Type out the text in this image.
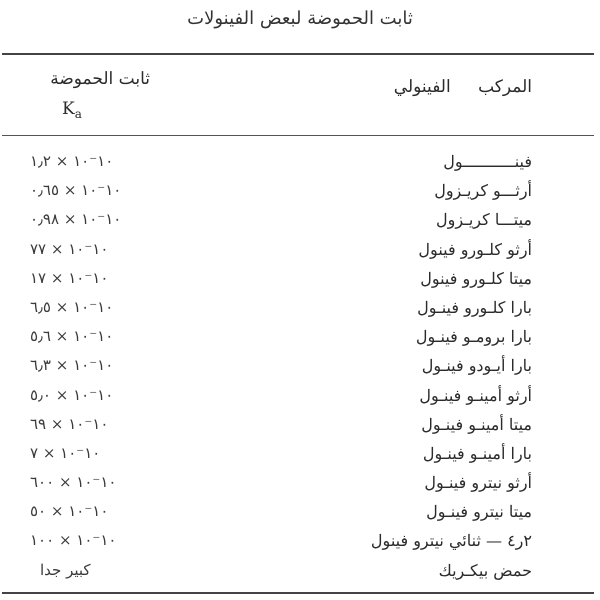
ثابت الحموضة لبعض الفينولات
ثابت الحموضة
$K_a$
المركب الفينولي
فينـــــــــــول
١٠⁻١٠ × ١٫٢
أرثـــو كريـزول
١٠⁻١٠ × ٠٫٦٥
ميتـــا كريـزول
١٠⁻١٠ × ٠٫٩٨
أرثو كلـورو فينول
١٠⁻١٠ × ٧٧
ميتا كلـورو فينول
١٠⁻١٠ × ١٧
بارا كلـورو فينـول
١٠⁻١٠ × ٦٫٥
بارا برومـو فينـول
١٠⁻١٠ × ٥٫٦
بارا أيـودو فينـول
١٠⁻١٠ × ٦٫٣
أرثو أمينـو فينـول
١٠⁻١٠ × ٥٫٠
ميتا أمينـو فينـول
١٠⁻١٠ × ٦٩
بارا أمينـو فينـول
١٠⁻١٠ × ٧
أرثو نيترو فينـول
١٠⁻١٠ × ٦٠٠
ميتا نيترو فينـول
١٠⁻١٠ × ٥٠
٢ر٤ — ثنائي نيترو فينول
١٠⁻١٠ × ١٠٠
حمض بيكـريك
كبير جدا
